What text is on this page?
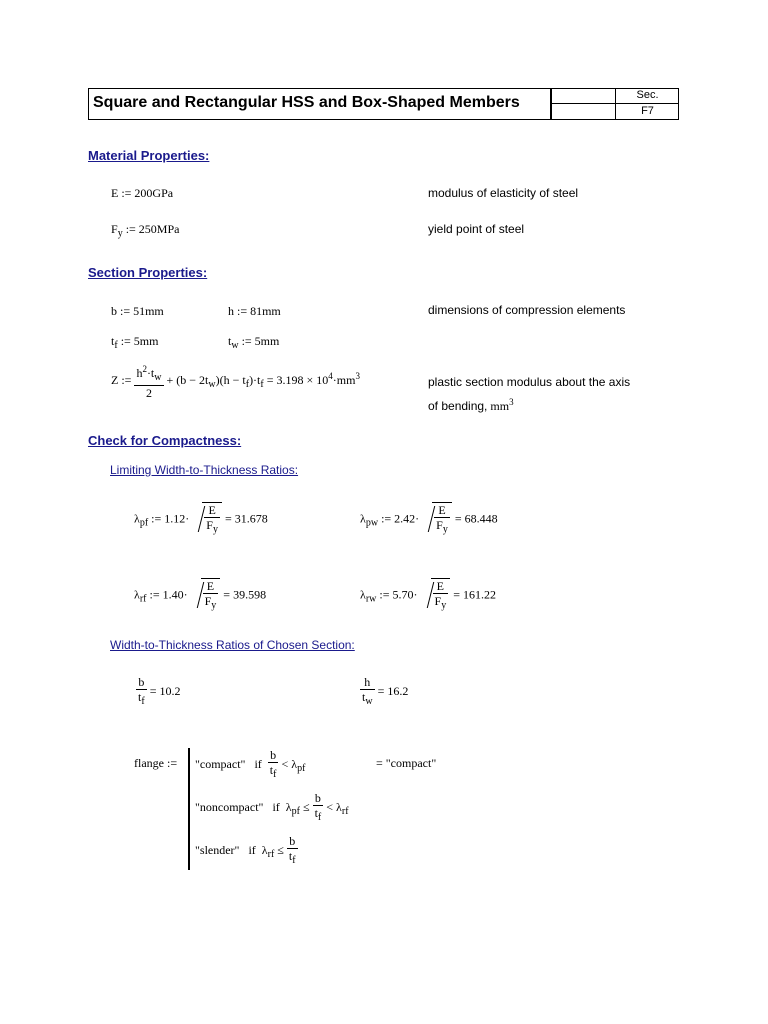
Square and Rectangular HSS and Box-Shaped Members	Sec.
F7
Material Properties:
E := 200GPa	modulus of elasticity of steel
$F_y$ := 250MPa	yield point of steel
Section Properties:
b := 51mm	h := 81mm	dimensions of compression elements
$t_f$ := 5mm	$t_w$ := 5mm
Z := $\frac{h^2\cdot t_w}{2} + (b - 2t_w)(h - t_f)\cdot t_f = 3.198 \times 10^4\cdot mm^3$	plastic section modulus about the axis
of bending, $mm^3$
Check for Compactness:
Limiting Width-to-Thickness Ratios:
$\lambda_{pf}$ := $1.12\cdot \frac{E}{F_y} = 31.678$	$\lambda_{pw}$ := $2.42\cdot \frac{E}{F_y} = 68.448$
$\lambda_{rf}$ := $1.40\cdot \frac{E}{F_y} = 39.598$	$\lambda_{rw}$ := $5.70\cdot \frac{E}{F_y} = 161.22$
Width-to-Thickness Ratios of Chosen Section:
$\frac{b}{t_f} = 10.2$	$\frac{h}{t_w} = 16.2$
flange := "compact" if $\frac{b}{t_f} < \lambda_{pf}$	= "compact"
"noncompact" if $\lambda_{pf} \le \frac{b}{t_f} < \lambda_{rf}$
"slender" if $\lambda_{rf} \le \frac{b}{t_f}$
